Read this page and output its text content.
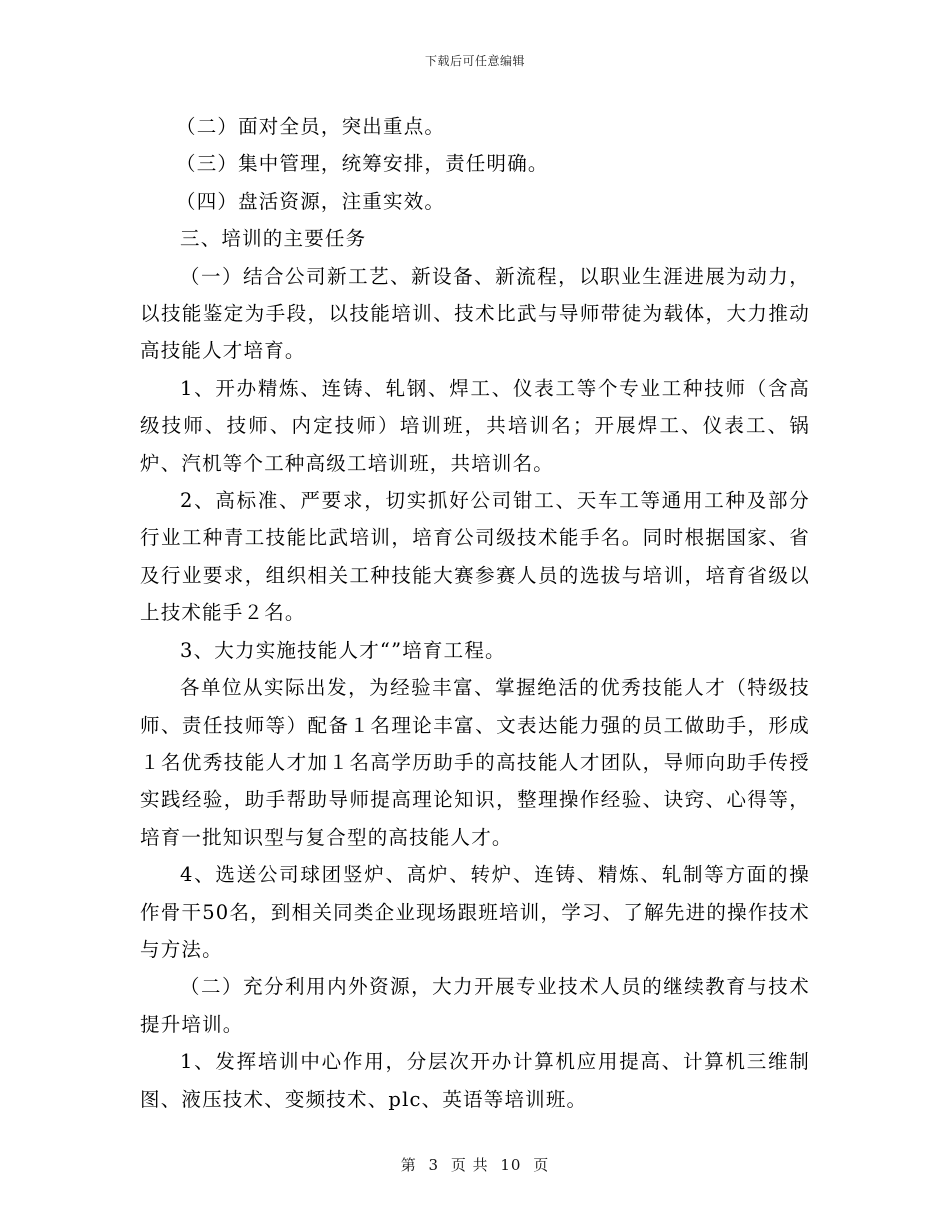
下载后可任意编辑

（二）面对全员，突出重点。

（三）集中管理，统筹安排，责任明确。

（四）盘活资源，注重实效。

三、培训的主要任务

（一）结合公司新工艺、新设备、新流程，以职业生涯进展为动力，以技能鉴定为手段，以技能培训、技术比武与导师带徒为载体，大力推动高技能人才培育。

1、开办精炼、连铸、轧钢、焊工、仪表工等个专业工种技师（含高级技师、技师、内定技师）培训班，共培训名；开展焊工、仪表工、锅炉、汽机等个工种高级工培训班，共培训名。

2、高标准、严要求，切实抓好公司钳工、天车工等通用工种及部分行业工种青工技能比武培训，培育公司级技术能手名。同时根据国家、省及行业要求，组织相关工种技能大赛参赛人员的选拔与培训，培育省级以上技术能手２名。

3、大力实施技能人才“”培育工程。

各单位从实际出发，为经验丰富、掌握绝活的优秀技能人才（特级技师、责任技师等）配备１名理论丰富、文表达能力强的员工做助手，形成１名优秀技能人才加１名高学历助手的高技能人才团队，导师向助手传授实践经验，助手帮助导师提高理论知识，整理操作经验、诀窍、心得等，培育一批知识型与复合型的高技能人才。

4、选送公司球团竖炉、高炉、转炉、连铸、精炼、轧制等方面的操作骨干50名，到相关同类企业现场跟班培训，学习、了解先进的操作技术与方法。

（二）充分利用内外资源，大力开展专业技术人员的继续教育与技术提升培训。

1、发挥培训中心作用，分层次开办计算机应用提高、计算机三维制图、液压技术、变频技术、plc、英语等培训班。

第 3 页 共 10 页
